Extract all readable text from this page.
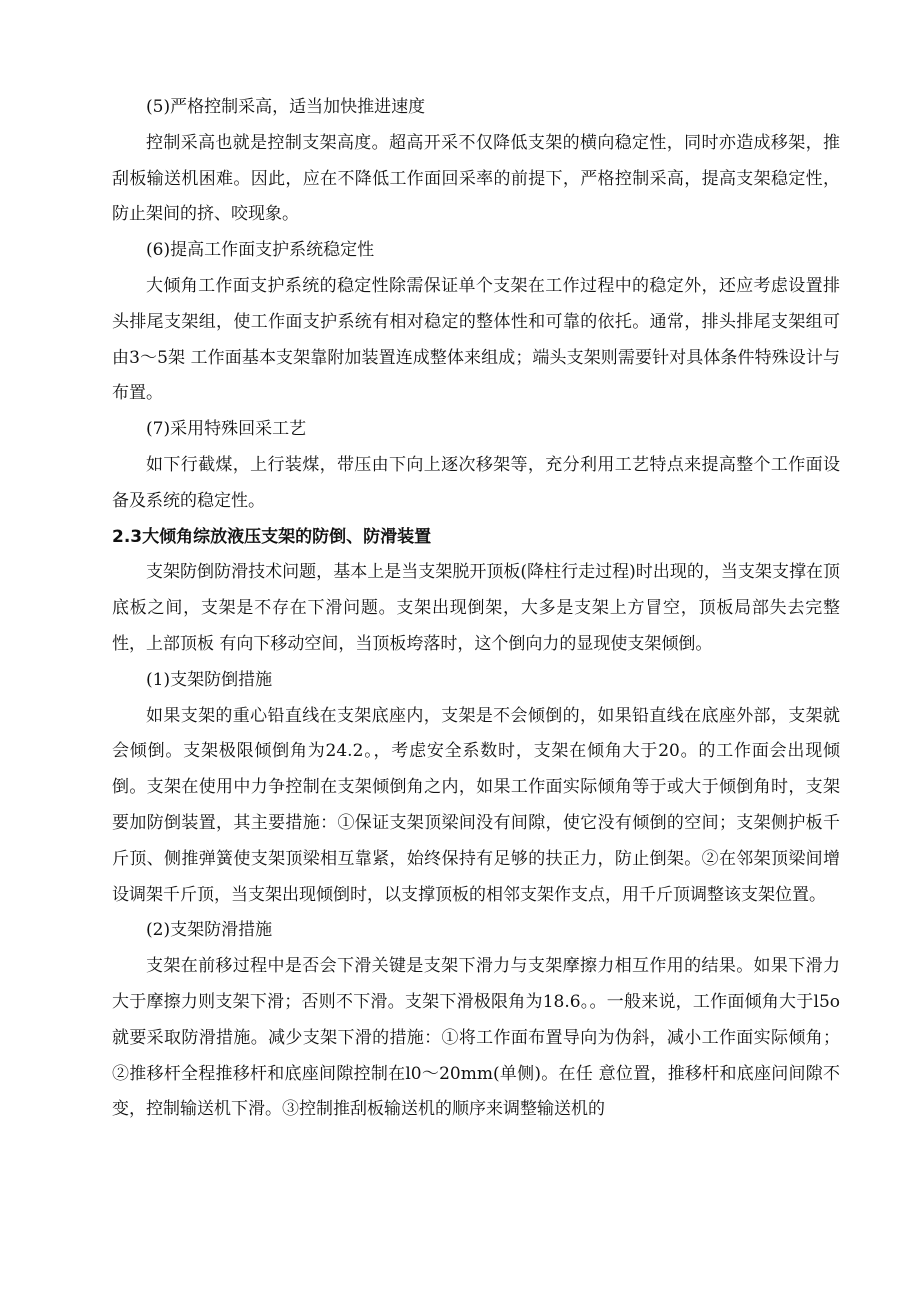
(5)严格控制采高，适当加快推进速度

控制采高也就是控制支架高度。超高开采不仅降低支架的横向稳定性，同时亦造成移架，推刮板输送机困难。因此，应在不降低工作面回采率的前提下，严格控制采高，提高支架稳定性，防止架间的挤、咬现象。

(6)提高工作面支护系统稳定性

大倾角工作面支护系统的稳定性除需保证单个支架在工作过程中的稳定外，还应考虑设置排头排尾支架组，使工作面支护系统有相对稳定的整体性和可靠的依托。通常，排头排尾支架组可由3～5架 工作面基本支架靠附加装置连成整体来组成；端头支架则需要针对具体条件特殊设计与布置。

(7)采用特殊回采工艺

如下行截煤，上行装煤，带压由下向上逐次移架等，充分利用工艺特点来提高整个工作面设备及系统的稳定性。

2.3大倾角综放液压支架的防倒、防滑装置

支架防倒防滑技术问题，基本上是当支架脱开顶板(降柱行走过程)时出现的，当支架支撑在顶底板之间，支架是不存在下滑问题。支架出现倒架，大多是支架上方冒空，顶板局部失去完整性，上部顶板 有向下移动空间，当顶板垮落时，这个倒向力的显现使支架倾倒。

(1)支架防倒措施

如果支架的重心铅直线在支架底座内，支架是不会倾倒的，如果铅直线在底座外部，支架就会倾倒。支架极限倾倒角为24.2。，考虑安全系数时，支架在倾角大于20。的工作面会出现倾倒。支架在使用中力争控制在支架倾倒角之内，如果工作面实际倾角等于或大于倾倒角时，支架要加防倒装置，其主要措施：①保证支架顶梁间没有间隙，使它没有倾倒的空间；支架侧护板千斤顶、侧推弹簧使支架顶梁相互靠紧，始终保持有足够的扶正力，防止倒架。②在邻架顶梁间增设调架千斤顶，当支架出现倾倒时，以支撑顶板的相邻支架作支点，用千斤顶调整该支架位置。

(2)支架防滑措施

支架在前移过程中是否会下滑关键是支架下滑力与支架摩擦力相互作用的结果。如果下滑力大于摩擦力则支架下滑；否则不下滑。支架下滑极限角为18.6。。一般来说，工作面倾角大于l5o就要采取防滑措施。减少支架下滑的措施：①将工作面布置导向为伪斜，减小工作面实际倾角；②推移杆全程推移杆和底座间隙控制在l0～20mm(单侧)。在任 意位置，推移杆和底座问间隙不变，控制输送机下滑。③控制推刮板输送机的顺序来调整输送机的
